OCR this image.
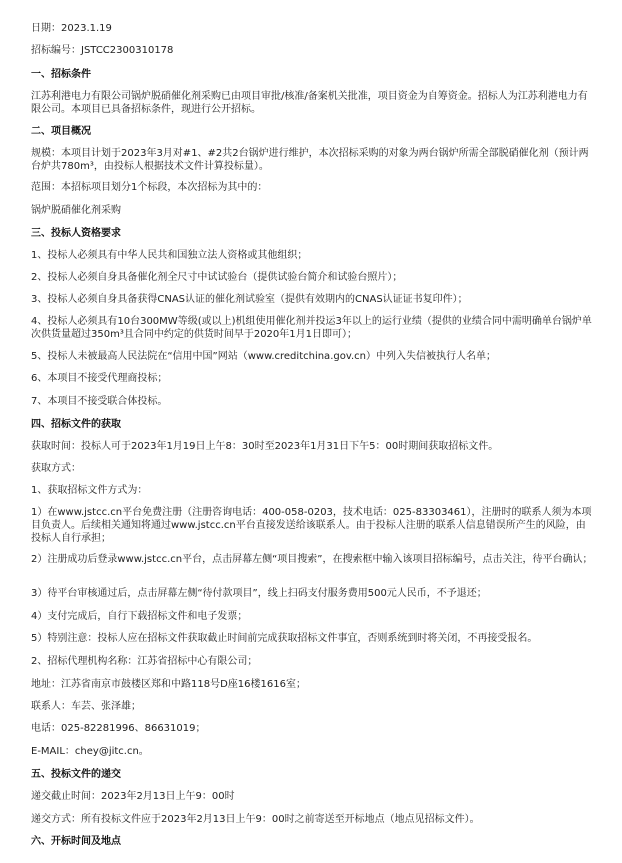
日期：2023.1.19

招标编号：JSTCC2300310178

一、招标条件

江苏利港电力有限公司锅炉脱硝催化剂采购已由项目审批/核准/备案机关批准，项目资金为自筹资金。招标人为江苏利港电力有限公司。本项目已具备招标条件，现进行公开招标。

二、项目概况

规模：本项目计划于2023年3月对#1、#2共2台锅炉进行维护，本次招标采购的对象为两台锅炉所需全部脱硝催化剂（预计两台炉共780m³，由投标人根据技术文件计算投标量）。

范围：本招标项目划分1个标段，本次招标为其中的：

锅炉脱硝催化剂采购

三、投标人资格要求

1、投标人必须具有中华人民共和国独立法人资格或其他组织；

2、投标人必须自身具备催化剂全尺寸中试试验台（提供试验台简介和试验台照片）；

3、投标人必须自身具备获得CNAS认证的催化剂试验室（提供有效期内的CNAS认证证书复印件）；

4、投标人必须具有10台300MW等级(或以上)机组使用催化剂并投运3年以上的运行业绩（提供的业绩合同中需明确单台锅炉单次供货量超过350m³且合同中约定的供货时间早于2020年1月1日即可）；

5、投标人未被最高人民法院在“信用中国”网站（www.creditchina.gov.cn）中列入失信被执行人名单；

6、本项目不接受代理商投标；

7、本项目不接受联合体投标。

四、招标文件的获取

获取时间：投标人可于2023年1月19日上午8：30时至2023年1月31日下午5：00时期间获取招标文件。

获取方式：

1、获取招标文件方式为：

1）在www.jstcc.cn平台免费注册（注册咨询电话：400-058-0203，技术电话：025-83303461），注册时的联系人须为本项目负责人。后续相关通知将通过www.jstcc.cn平台直接发送给该联系人。由于投标人注册的联系人信息错误所产生的风险，由投标人自行承担；

2）注册成功后登录www.jstcc.cn平台，点击屏幕左侧“项目搜索”，在搜索框中输入该项目招标编号，点击关注，待平台确认；

3）待平台审核通过后，点击屏幕左侧“待付款项目”，线上扫码支付服务费用500元人民币，不予退还；

4）支付完成后，自行下载招标文件和电子发票；

5）特别注意：投标人应在招标文件获取截止时间前完成获取招标文件事宜，否则系统到时将关闭，不再接受报名。

2、招标代理机构名称：江苏省招标中心有限公司；

地址：江苏省南京市鼓楼区郑和中路118号D座16楼1616室；

联系人：车芸、张泽雄；

电话：025-82281996、86631019；

E-MAIL：chey@jitc.cn。

五、投标文件的递交

递交截止时间：2023年2月13日上午9：00时

递交方式：所有投标文件应于2023年2月13日上午9：00时之前寄送至开标地点（地点见招标文件）。

六、开标时间及地点
